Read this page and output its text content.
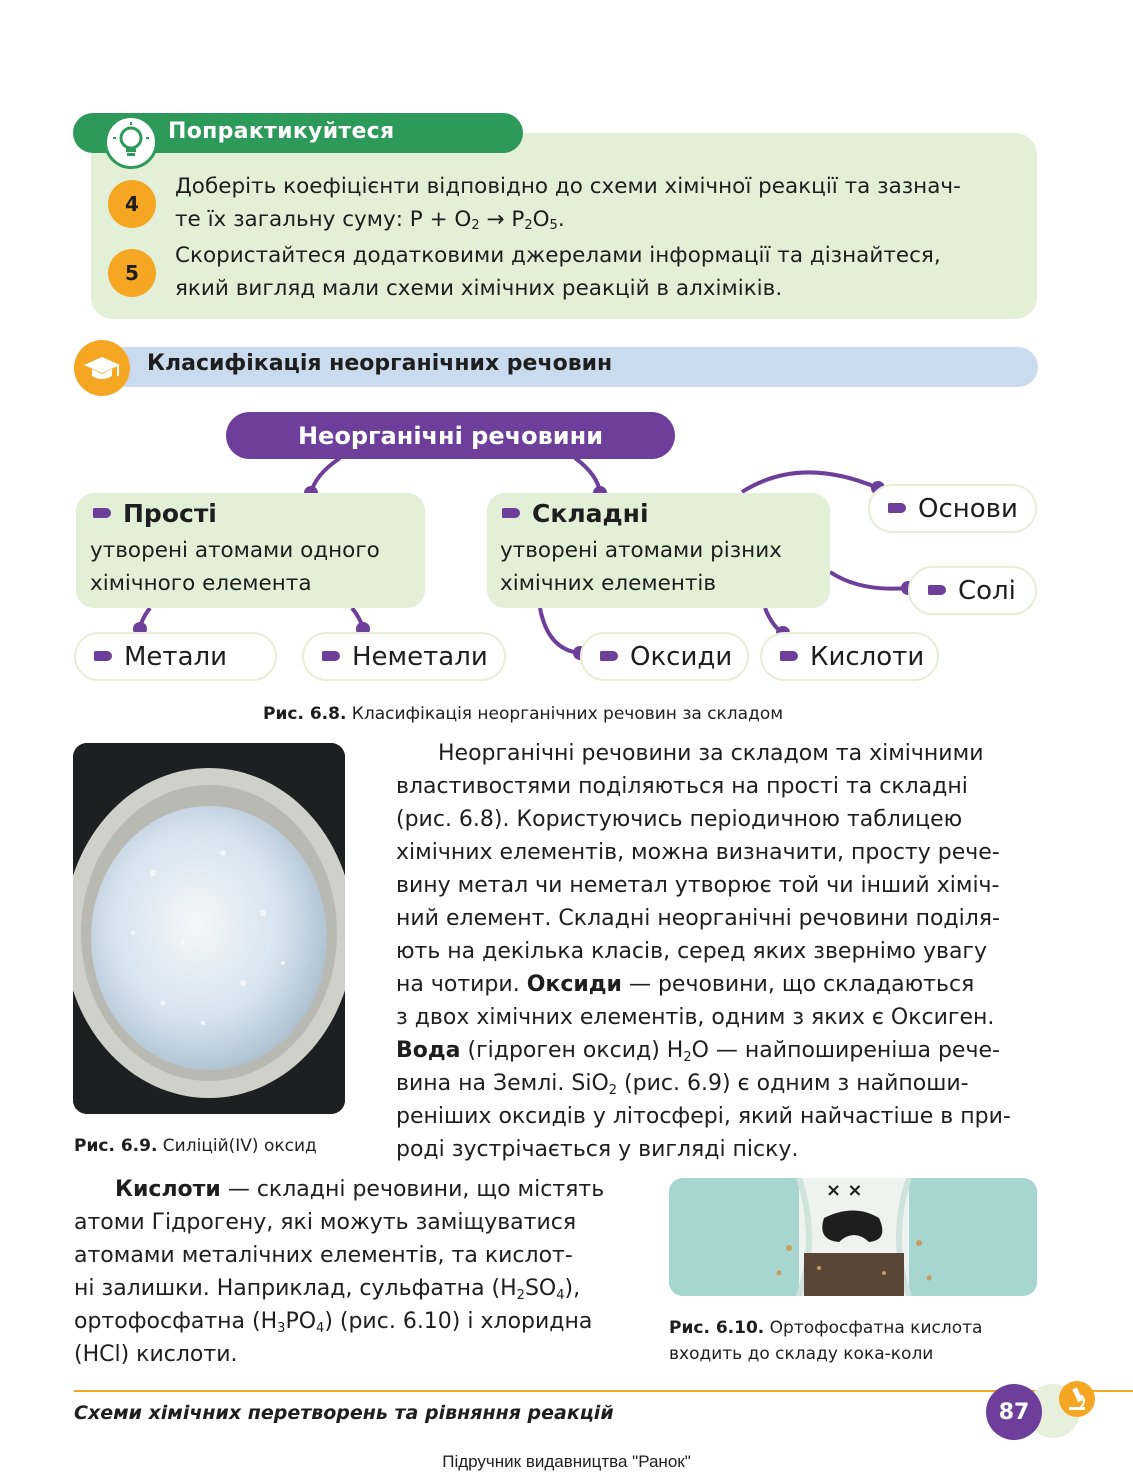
Попрактикуйтеся
4
Доберіть коефіцієнти відповідно до схеми хімічної реакції та зазнач-
те їх загальну суму: $P + O_2 \to P_2O_5$.
5
Скористайтеся додатковими джерелами інформації та дізнайтеся,
який вигляд мали схеми хімічних реакцій в алхіміків.
Класифікація неорганічних речовин
Неорганічні речовини
Прості
утворені атомами одного
хімічного елемента
Складні
утворені атомами різних
хімічних елементів
Метали	Неметали	Оксиди	Кислоти
Основи
Солі
Рис. 6.8. Класифікація неорганічних речовин за складом
Рис. 6.9. Силіцій(IV) оксид
Неорганічні речовини за складом та хімічними
властивостями поділяються на прості та складні
(рис. 6.8). Користуючись періодичною таблицею
хімічних елементів, можна визначити, просту рече-
вину метал чи неметал утворює той чи інший хіміч-
ний елемент. Складні неорганічні речовини поділя-
ють на декілька класів, серед яких звернімо увагу
на чотири. Оксиди — речовини, що складаються
з двох хімічних елементів, одним з яких є Оксиген.
Вода (гідроген оксид) $H_2O$ — найпоширеніша рече-
вина на Землі. SiO$_2$ (рис. 6.9) є одним з найпоши-
реніших оксидів у літосфері, який найчастіше в при-
роді зустрічається у вигляді піску.
Кислоти — складні речовини, що містять
атоми Гідрогену, які можуть заміщуватися
атомами металічних елементів, та кислот-
ні залишки. Наприклад, сульфатна $(H_2SO_4)$,
ортофосфатна $(H_3PO_4)$ (рис. 6.10) і хлоридна
(HCl) кислоти.
× ×
Рис. 6.10. Ортофосфатна кислота
входить до складу кока-коли
Схеми хімічних перетворень та рівняння реакцій	87
Підручник видавництва "Ранок"
